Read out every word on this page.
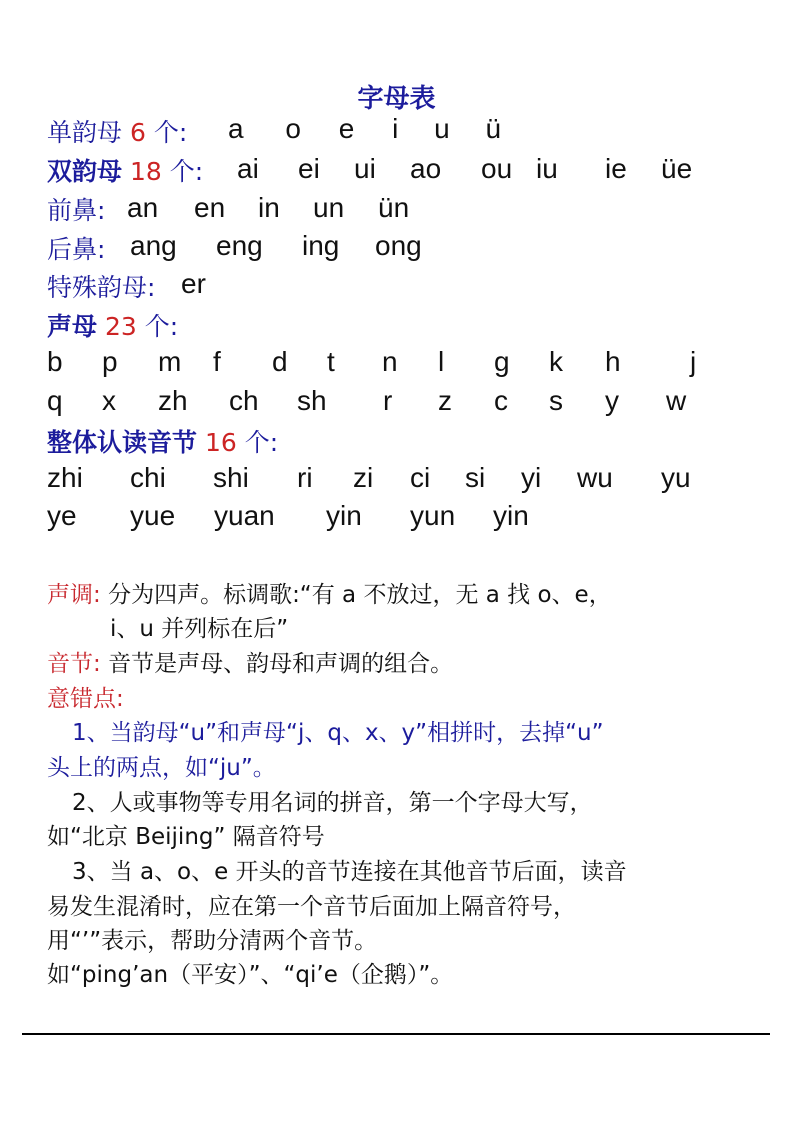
字母表
单韵母 6 个: a o e i u ü
双韵母 18 个: ai ei ui ao ou iu ie üe
前鼻: an en in un ün
后鼻: ang eng ing ong
特殊韵母: er
声母 23 个:
b p m f d t n l g k h j
q x zh ch sh r z c s y w
整体认读音节 16 个:
zhi chi shi ri zi ci si yi wu yu
ye yue yuan yin yun yin
声调: 分为四声。标调歌:“有 a 不放过，无 a 找 o、e，
i、u 并列标在后”
音节: 音节是声母、韵母和声调的组合。
意错点:
1、当韵母“u”和声母“j、q、x、y”相拼时，去掉“u”
头上的两点，如“ju”。
2、人或事物等专用名词的拼音，第一个字母大写，
如“北京 Beijing” 隔音符号
3、当 a、o、e 开头的音节连接在其他音节后面，读音
易发生混淆时，应在第一个音节后面加上隔音符号，
用“’”表示，帮助分清两个音节。
如“ping’an（平安）”、“qi’e（企鹅）”。
